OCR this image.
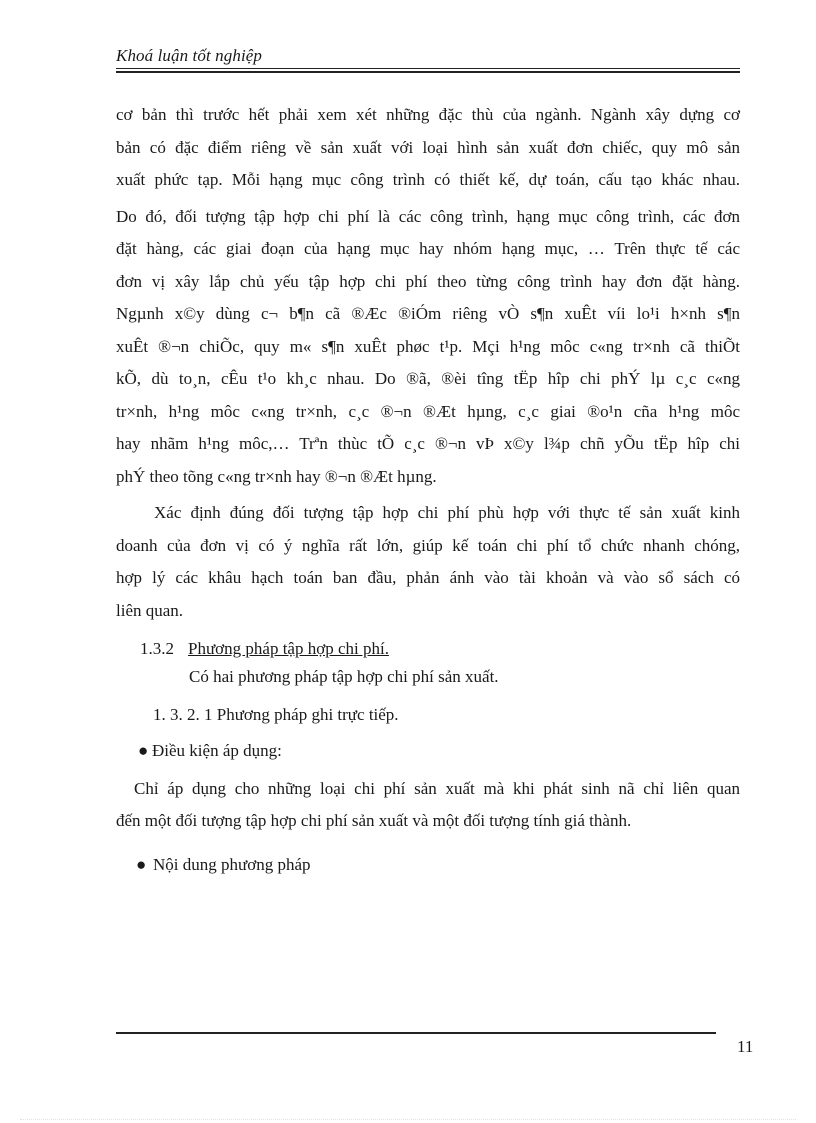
Khoá luận tốt nghiệp

cơ bản thì trước hết phải xem xét những đặc thù của ngành. Ngành xây dựng cơ

bản có đặc điểm riêng về sản xuất với loại hình sản xuất đơn chiếc, quy mô sản

xuất phức tạp. Mỗi hạng mục công trình có thiết kế, dự toán, cấu tạo khác nhau.

Do đó, đối tượng tập hợp chi phí là các công trình, hạng mục công trình, các đơn

đặt hàng, các giai đoạn của hạng mục hay nhóm hạng mục, … Trên thực tế các

đơn vị xây lắp chủ yếu tập hợp chi phí theo từng công trình hay đơn đặt hàng.

Ngµnh x©y dùng c¬ b¶n cã ®Æc ®iÓm riêng vÒ s¶n xuÊt víi lo¹i h×nh s¶n

xuÊt ®¬n chiÕc, quy m« s¶n xuÊt phøc t¹p. Mçi h¹ng môc c«ng tr×nh cã thiÕt

kÕ, dù to¸n, cÊu t¹o kh¸c nhau. Do ®ã, ®èi tîng tËp hîp chi phÝ lµ c¸c c«ng

tr×nh, h¹ng môc c«ng tr×nh, c¸c ®¬n ®Æt hµng, c¸c giai ®o¹n cña h¹ng môc

hay nhãm h¹ng môc,… Trªn thùc tÕ c¸c ®¬n vÞ x©y l¾p chñ yÕu tËp hîp chi

phÝ theo tõng c«ng tr×nh hay ®¬n ®Æt hµng.

Xác định đúng đối tượng tập hợp chi phí phù hợp với thực tế sản xuất kinh

doanh của đơn vị có ý nghĩa rất lớn, giúp kế toán chi phí tổ chức nhanh chóng,

hợp lý các khâu hạch toán ban đầu, phản ánh vào tài khoản và vào sổ sách có

liên quan.

1.3.2 Phương pháp tập hợp chi phí.

Có hai phương pháp tập hợp chi phí sản xuất.

1. 3. 2. 1 Phương pháp ghi trực tiếp.

● Điều kiện áp dụng:

Chỉ áp dụng cho những loại chi phí sản xuất mà khi phát sinh nã chỉ liên quan

đến một đối tượng tập hợp chi phí sản xuất và một đối tượng tính giá thành.

● Nội dung phương pháp

11
